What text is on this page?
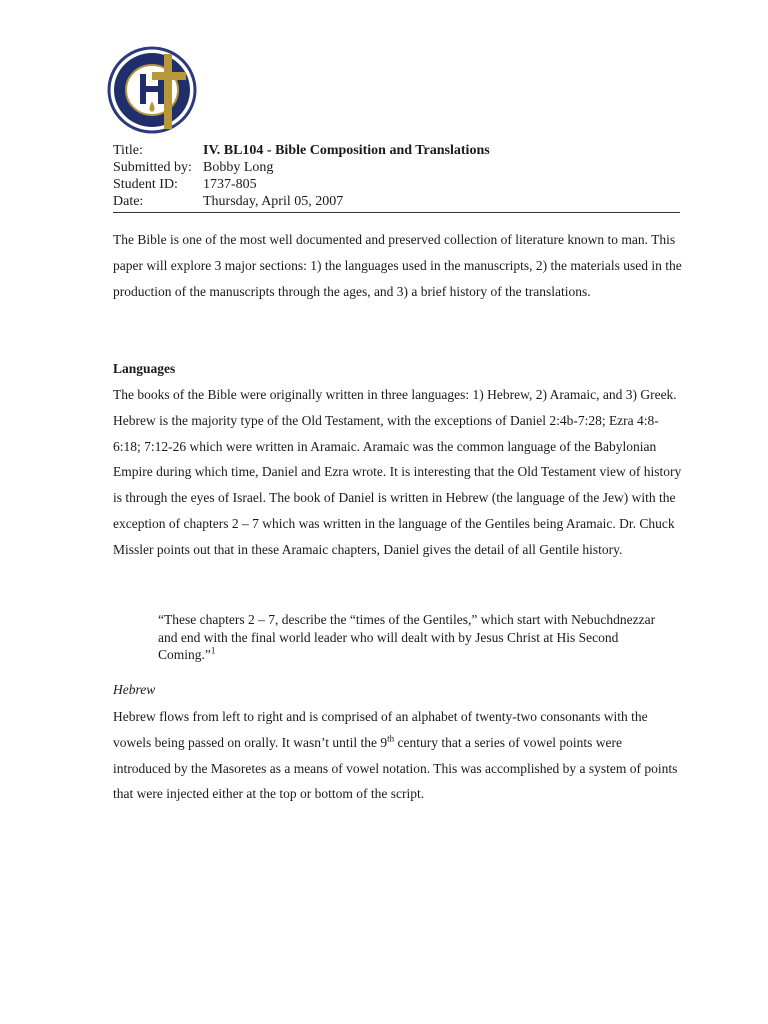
Title:	IV. BL104 - Bible Composition and Translations
Submitted by: Bobby Long
Student ID: 1737-805
Date:	Thursday, April 05, 2007

The Bible is one of the most well documented and preserved collection of literature known to man. This paper will explore 3 major sections: 1) the languages used in the manuscripts, 2) the materials used in the production of the manuscripts through the ages, and 3) a brief history of the translations.

Languages

The books of the Bible were originally written in three languages: 1) Hebrew, 2) Aramaic, and 3) Greek. Hebrew is the majority type of the Old Testament, with the exceptions of Daniel 2:4b-7:28; Ezra 4:8-6:18; 7:12-26 which were written in Aramaic. Aramaic was the common language of the Babylonian Empire during which time, Daniel and Ezra wrote. It is interesting that the Old Testament view of history is through the eyes of Israel. The book of Daniel is written in Hebrew (the language of the Jew) with the exception of chapters 2 – 7 which was written in the language of the Gentiles being Aramaic. Dr. Chuck Missler points out that in these Aramaic chapters, Daniel gives the detail of all Gentile history.

“These chapters 2 – 7, describe the “times of the Gentiles,” which start with Nebuchdnezzar and end with the final world leader who will dealt with by Jesus Christ at His Second Coming.”$^1$

Hebrew

Hebrew flows from left to right and is comprised of an alphabet of twenty-two consonants with the vowels being passed on orally. It wasn’t until the 9th century that a series of vowel points were introduced by the Masoretes as a means of vowel notation. This was accomplished by a system of points that were injected either at the top or bottom of the script.
